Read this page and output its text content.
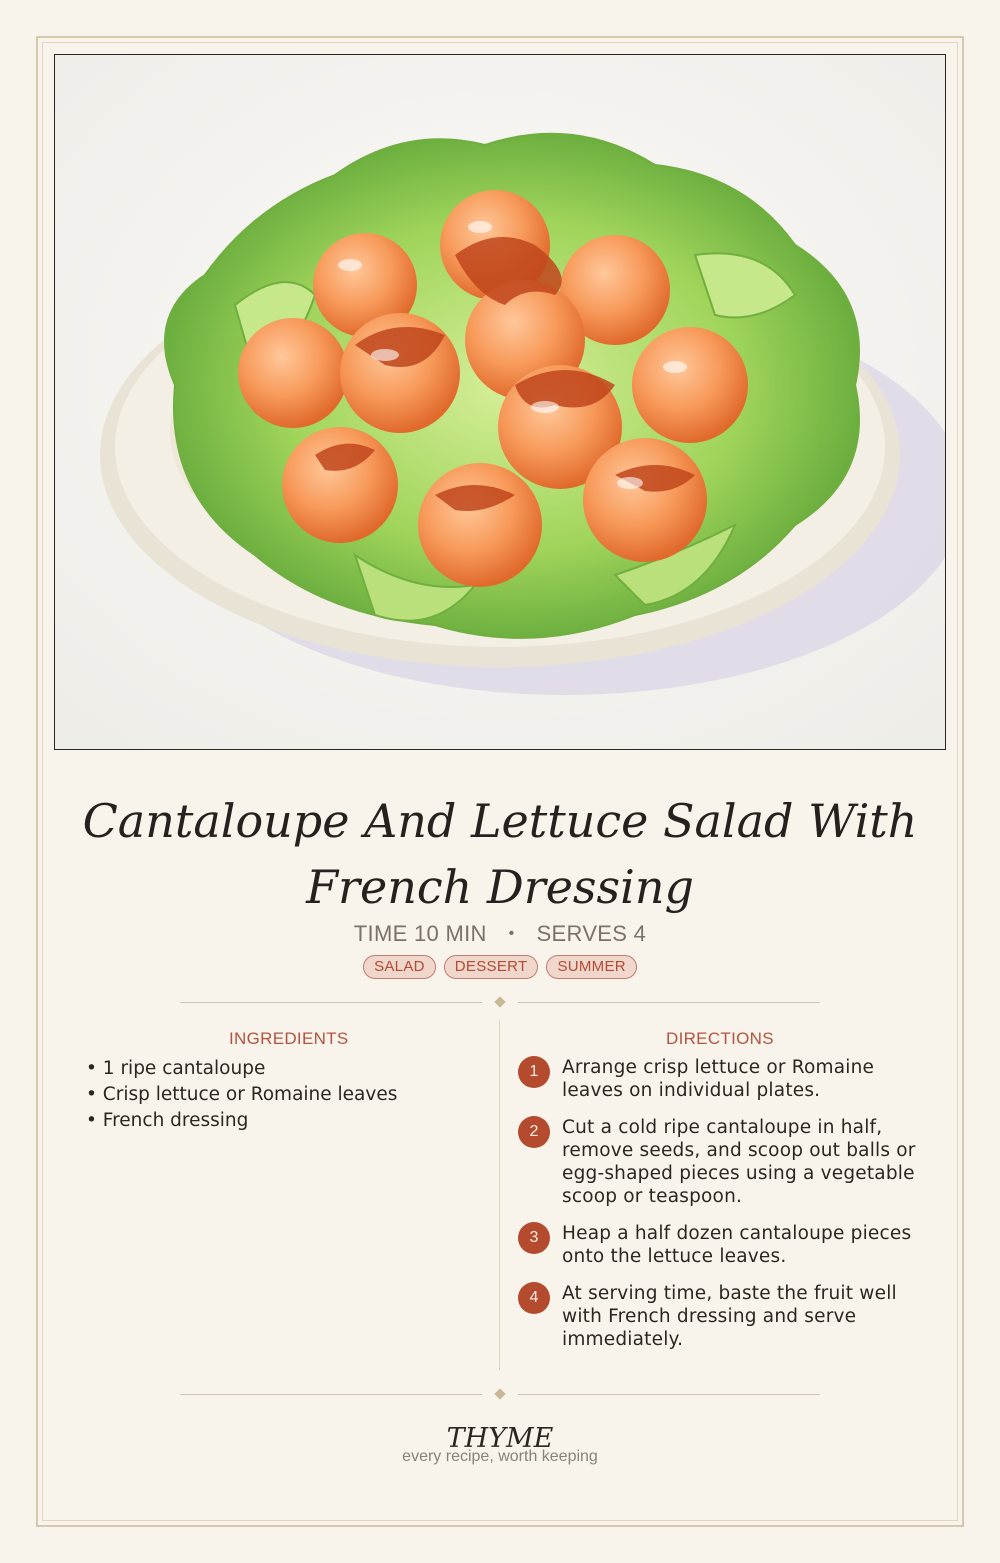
Cantaloupe And Lettuce Salad With French Dressing
TIME 10 MIN • SERVES 4
SALAD DESSERT SUMMER
INGREDIENTS
• 1 ripe cantaloupe
• Crisp lettuce or Romaine leaves
• French dressing
DIRECTIONS
1	Arrange crisp lettuce or Romaine leaves on individual plates.
2	Cut a cold ripe cantaloupe in half, remove seeds, and scoop out balls or egg-shaped pieces using a vegetable scoop or teaspoon.
3	Heap a half dozen cantaloupe pieces onto the lettuce leaves.
4	At serving time, baste the fruit well with French dressing and serve immediately.
THYME
every recipe, worth keeping
